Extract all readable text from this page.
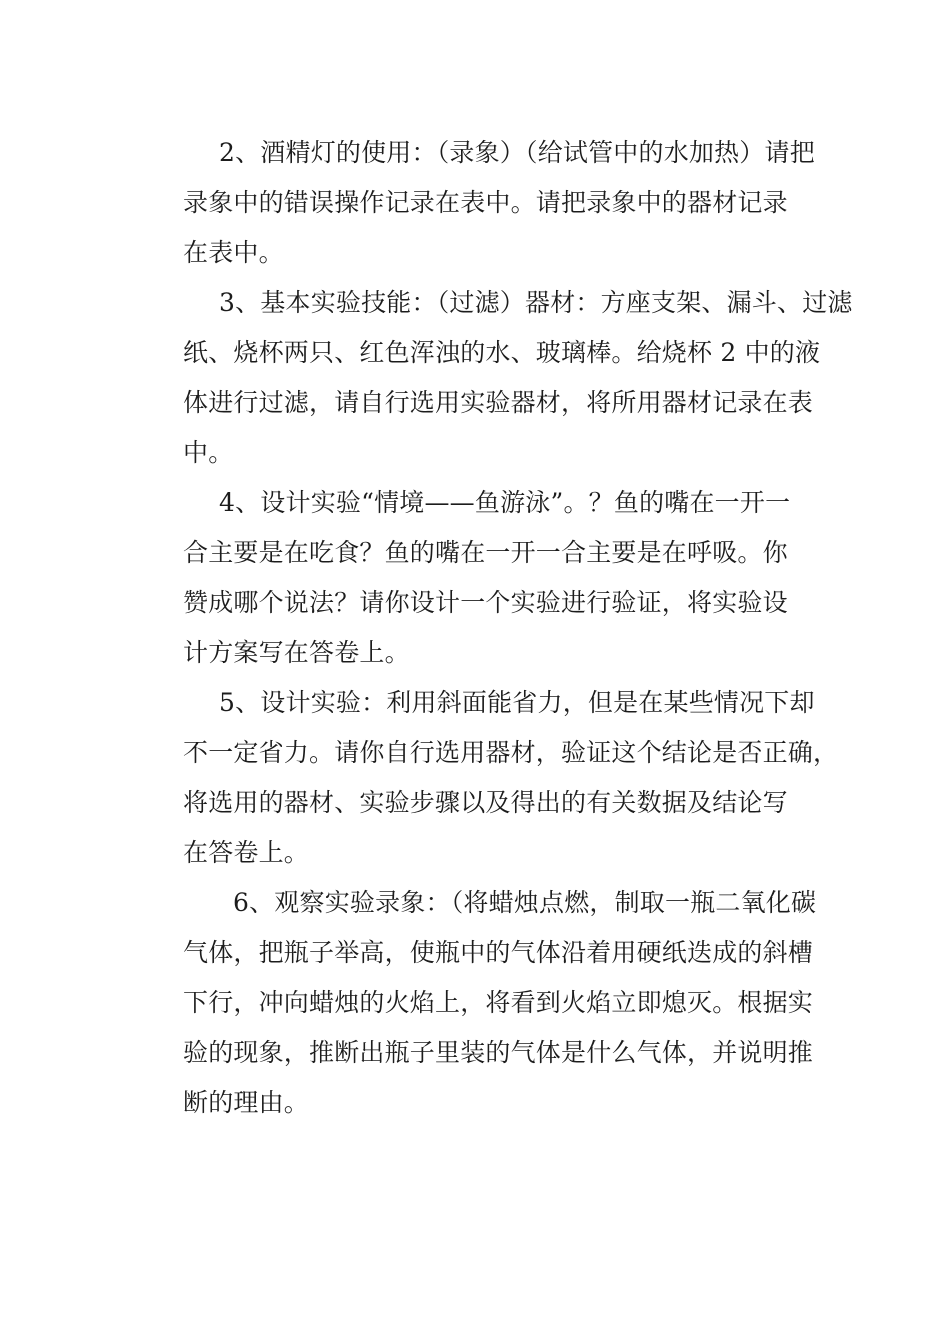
2、酒精灯的使用：（录象）（给试管中的水加热）请把
录象中的错误操作记录在表中。请把录象中的器材记录
在表中。

3、基本实验技能：（过滤）器材：方座支架、漏斗、过滤
纸、烧杯两只、红色浑浊的水、玻璃棒。给烧杯 2 中的液
体进行过滤，请自行选用实验器材，将所用器材记录在表
中。

4、设计实验“情境——鱼游泳”。？鱼的嘴在一开一
合主要是在吃食？鱼的嘴在一开一合主要是在呼吸。你
赞成哪个说法？请你设计一个实验进行验证，将实验设
计方案写在答卷上。

5、设计实验：利用斜面能省力，但是在某些情况下却
不一定省力。请你自行选用器材，验证这个结论是否正确，
将选用的器材、实验步骤以及得出的有关数据及结论写
在答卷上。

6、观察实验录象：（将蜡烛点燃，制取一瓶二氧化碳
气体，把瓶子举高，使瓶中的气体沿着用硬纸迭成的斜槽
下行，冲向蜡烛的火焰上，将看到火焰立即熄灭。根据实
验的现象，推断出瓶子里装的气体是什么气体，并说明推
断的理由。
